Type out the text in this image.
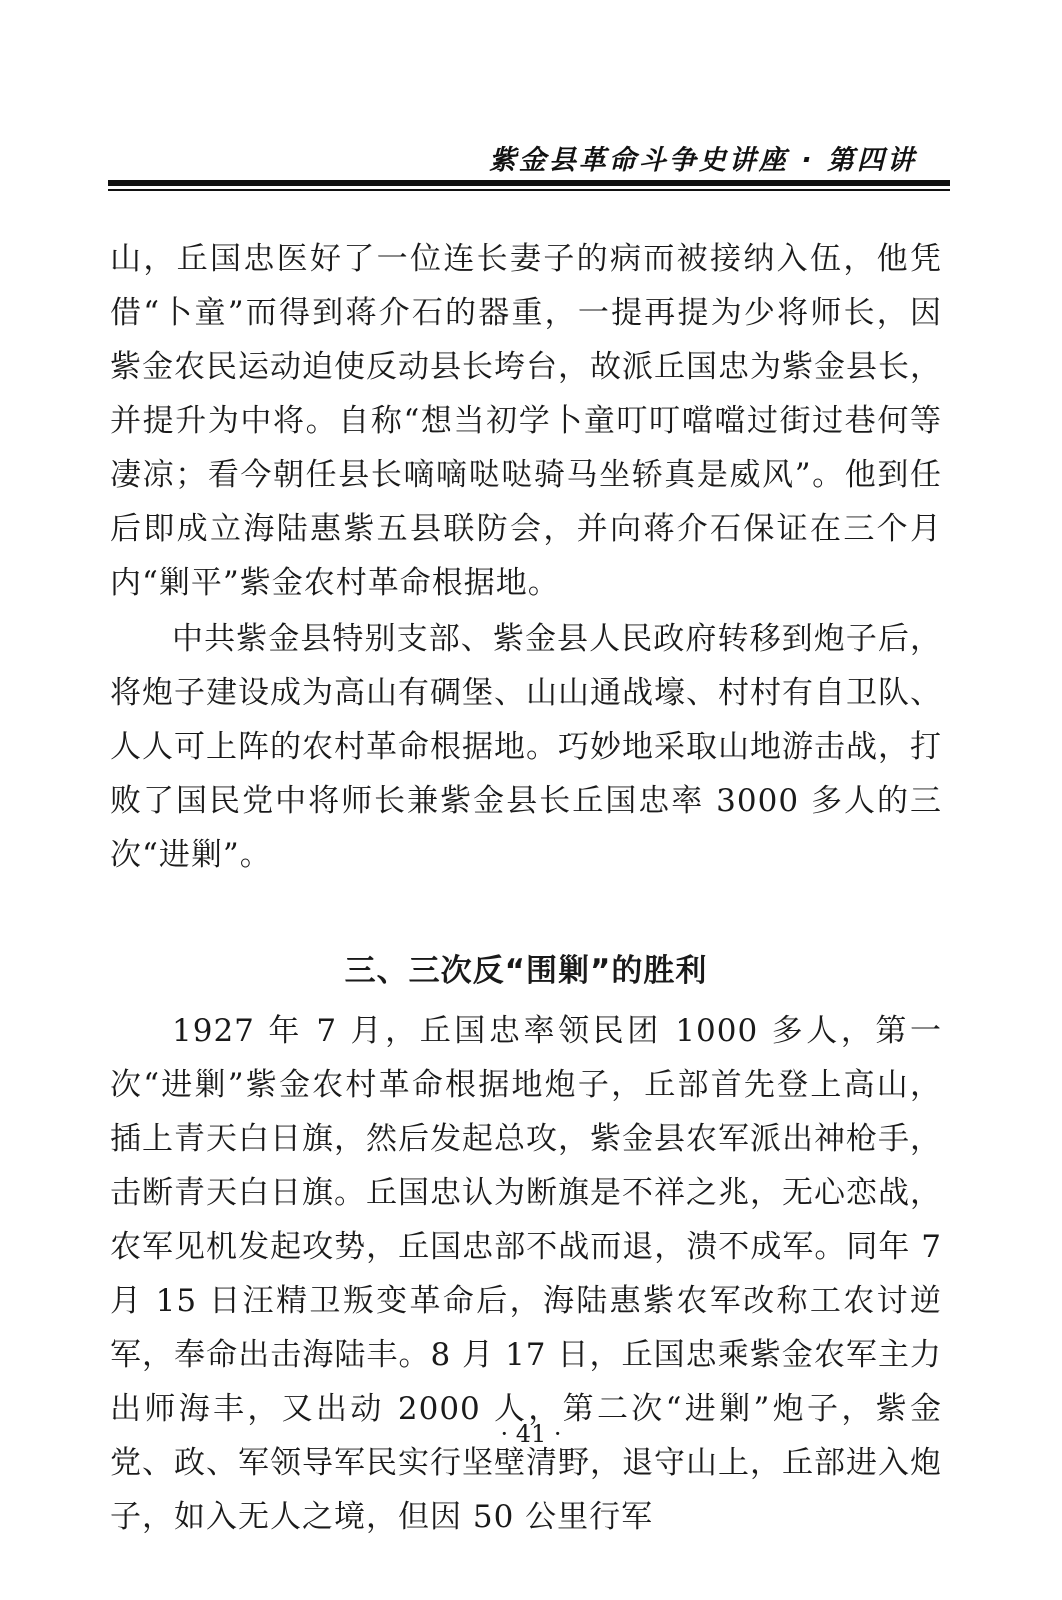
紫金县革命斗争史讲座 · 第四讲

山，丘国忠医好了一位连长妻子的病而被接纳入伍，他凭借“卜童”而得到蒋介石的器重，一提再提为少将师长，因紫金农民运动迫使反动县长垮台，故派丘国忠为紫金县长，并提升为中将。自称“想当初学卜童叮叮噹噹过街过巷何等凄凉；看今朝任县长嘀嘀哒哒骑马坐轿真是威风”。他到任后即成立海陆惠紫五县联防会，并向蒋介石保证在三个月内“剿平”紫金农村革命根据地。

中共紫金县特别支部、紫金县人民政府转移到炮子后，将炮子建设成为高山有碉堡、山山通战壕、村村有自卫队、人人可上阵的农村革命根据地。巧妙地采取山地游击战，打败了国民党中将师长兼紫金县长丘国忠率 3000 多人的三次“进剿”。

三、三次反“围剿”的胜利

1927 年 7 月，丘国忠率领民团 1000 多人，第一次“进剿”紫金农村革命根据地炮子，丘部首先登上高山，插上青天白日旗，然后发起总攻，紫金县农军派出神枪手，击断青天白日旗。丘国忠认为断旗是不祥之兆，无心恋战，农军见机发起攻势，丘国忠部不战而退，溃不成军。同年 7 月 15 日汪精卫叛变革命后，海陆惠紫农军改称工农讨逆军，奉命出击海陆丰。8 月 17 日，丘国忠乘紫金农军主力出师海丰，又出动 2000 人，第二次“进剿”炮子，紫金党、政、军领导军民实行坚壁清野，退守山上，丘部进入炮子，如入无人之境，但因 50 公里行军

· 41 ·
